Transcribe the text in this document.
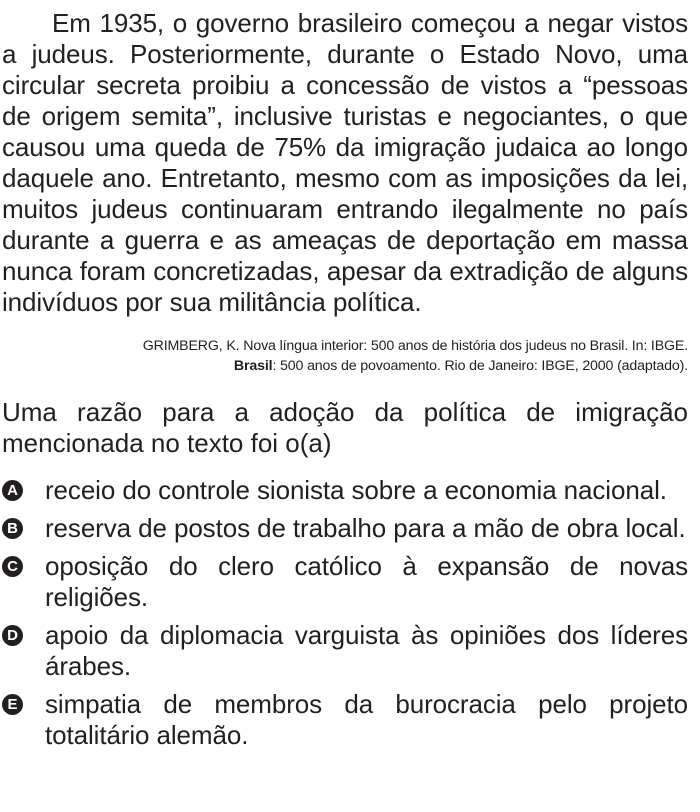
Em 1935, o governo brasileiro começou a negar vistos a judeus. Posteriormente, durante o Estado Novo, uma circular secreta proibiu a concessão de vistos a “pessoas de origem semita”, inclusive turistas e negociantes, o que causou uma queda de 75% da imigração judaica ao longo daquele ano. Entretanto, mesmo com as imposições da lei, muitos judeus continuaram entrando ilegalmente no país durante a guerra e as ameaças de deportação em massa nunca foram concretizadas, apesar da extradição de alguns indivíduos por sua militância política.

GRIMBERG, K. Nova língua interior: 500 anos de história dos judeus no Brasil. In: IBGE.
Brasil: 500 anos de povoamento. Rio de Janeiro: IBGE, 2000 (adaptado).
Uma razão para a adoção da política de imigração mencionada no texto foi o(a)
A receio do controle sionista sobre a economia nacional.
B reserva de postos de trabalho para a mão de obra local.
C oposição do clero católico à expansão de novas religiões.
D apoio da diplomacia varguista às opiniões dos líderes árabes.
E simpatia de membros da burocracia pelo projeto totalitário alemão.
